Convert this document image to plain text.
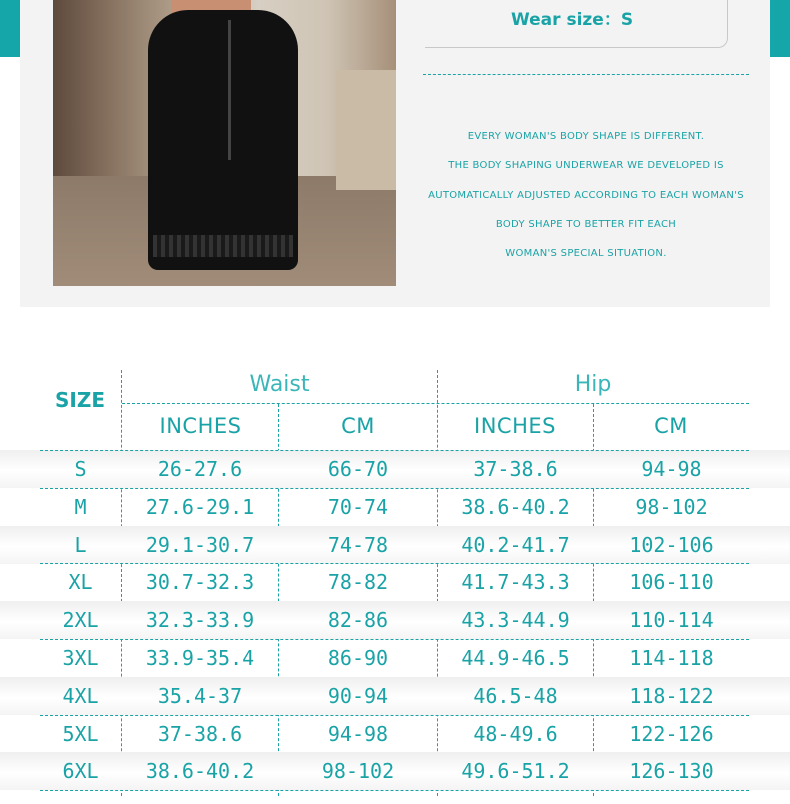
Wear size：S

EVERY WOMAN'S BODY SHAPE IS DIFFERENT.

THE BODY SHAPING UNDERWEAR WE DEVELOPED IS

AUTOMATICALLY ADJUSTED ACCORDING TO EACH WOMAN'S

BODY SHAPE TO BETTER FIT EACH

WOMAN'S SPECIAL SITUATION.

SIZE
Waist	Hip
INCHES	CM	INCHES	CM
S	26-27.6	66-70	37-38.6	94-98
M	27.6-29.1	70-74	38.6-40.2	98-102
L	29.1-30.7	74-78	40.2-41.7	102-106
XL	30.7-32.3	78-82	41.7-43.3	106-110
2XL	32.3-33.9	82-86	43.3-44.9	110-114
3XL	33.9-35.4	86-90	44.9-46.5	114-118
4XL	35.4-37	90-94	46.5-48	118-122
5XL	37-38.6	94-98	48-49.6	122-126
6XL	38.6-40.2	98-102	49.6-51.2	126-130
